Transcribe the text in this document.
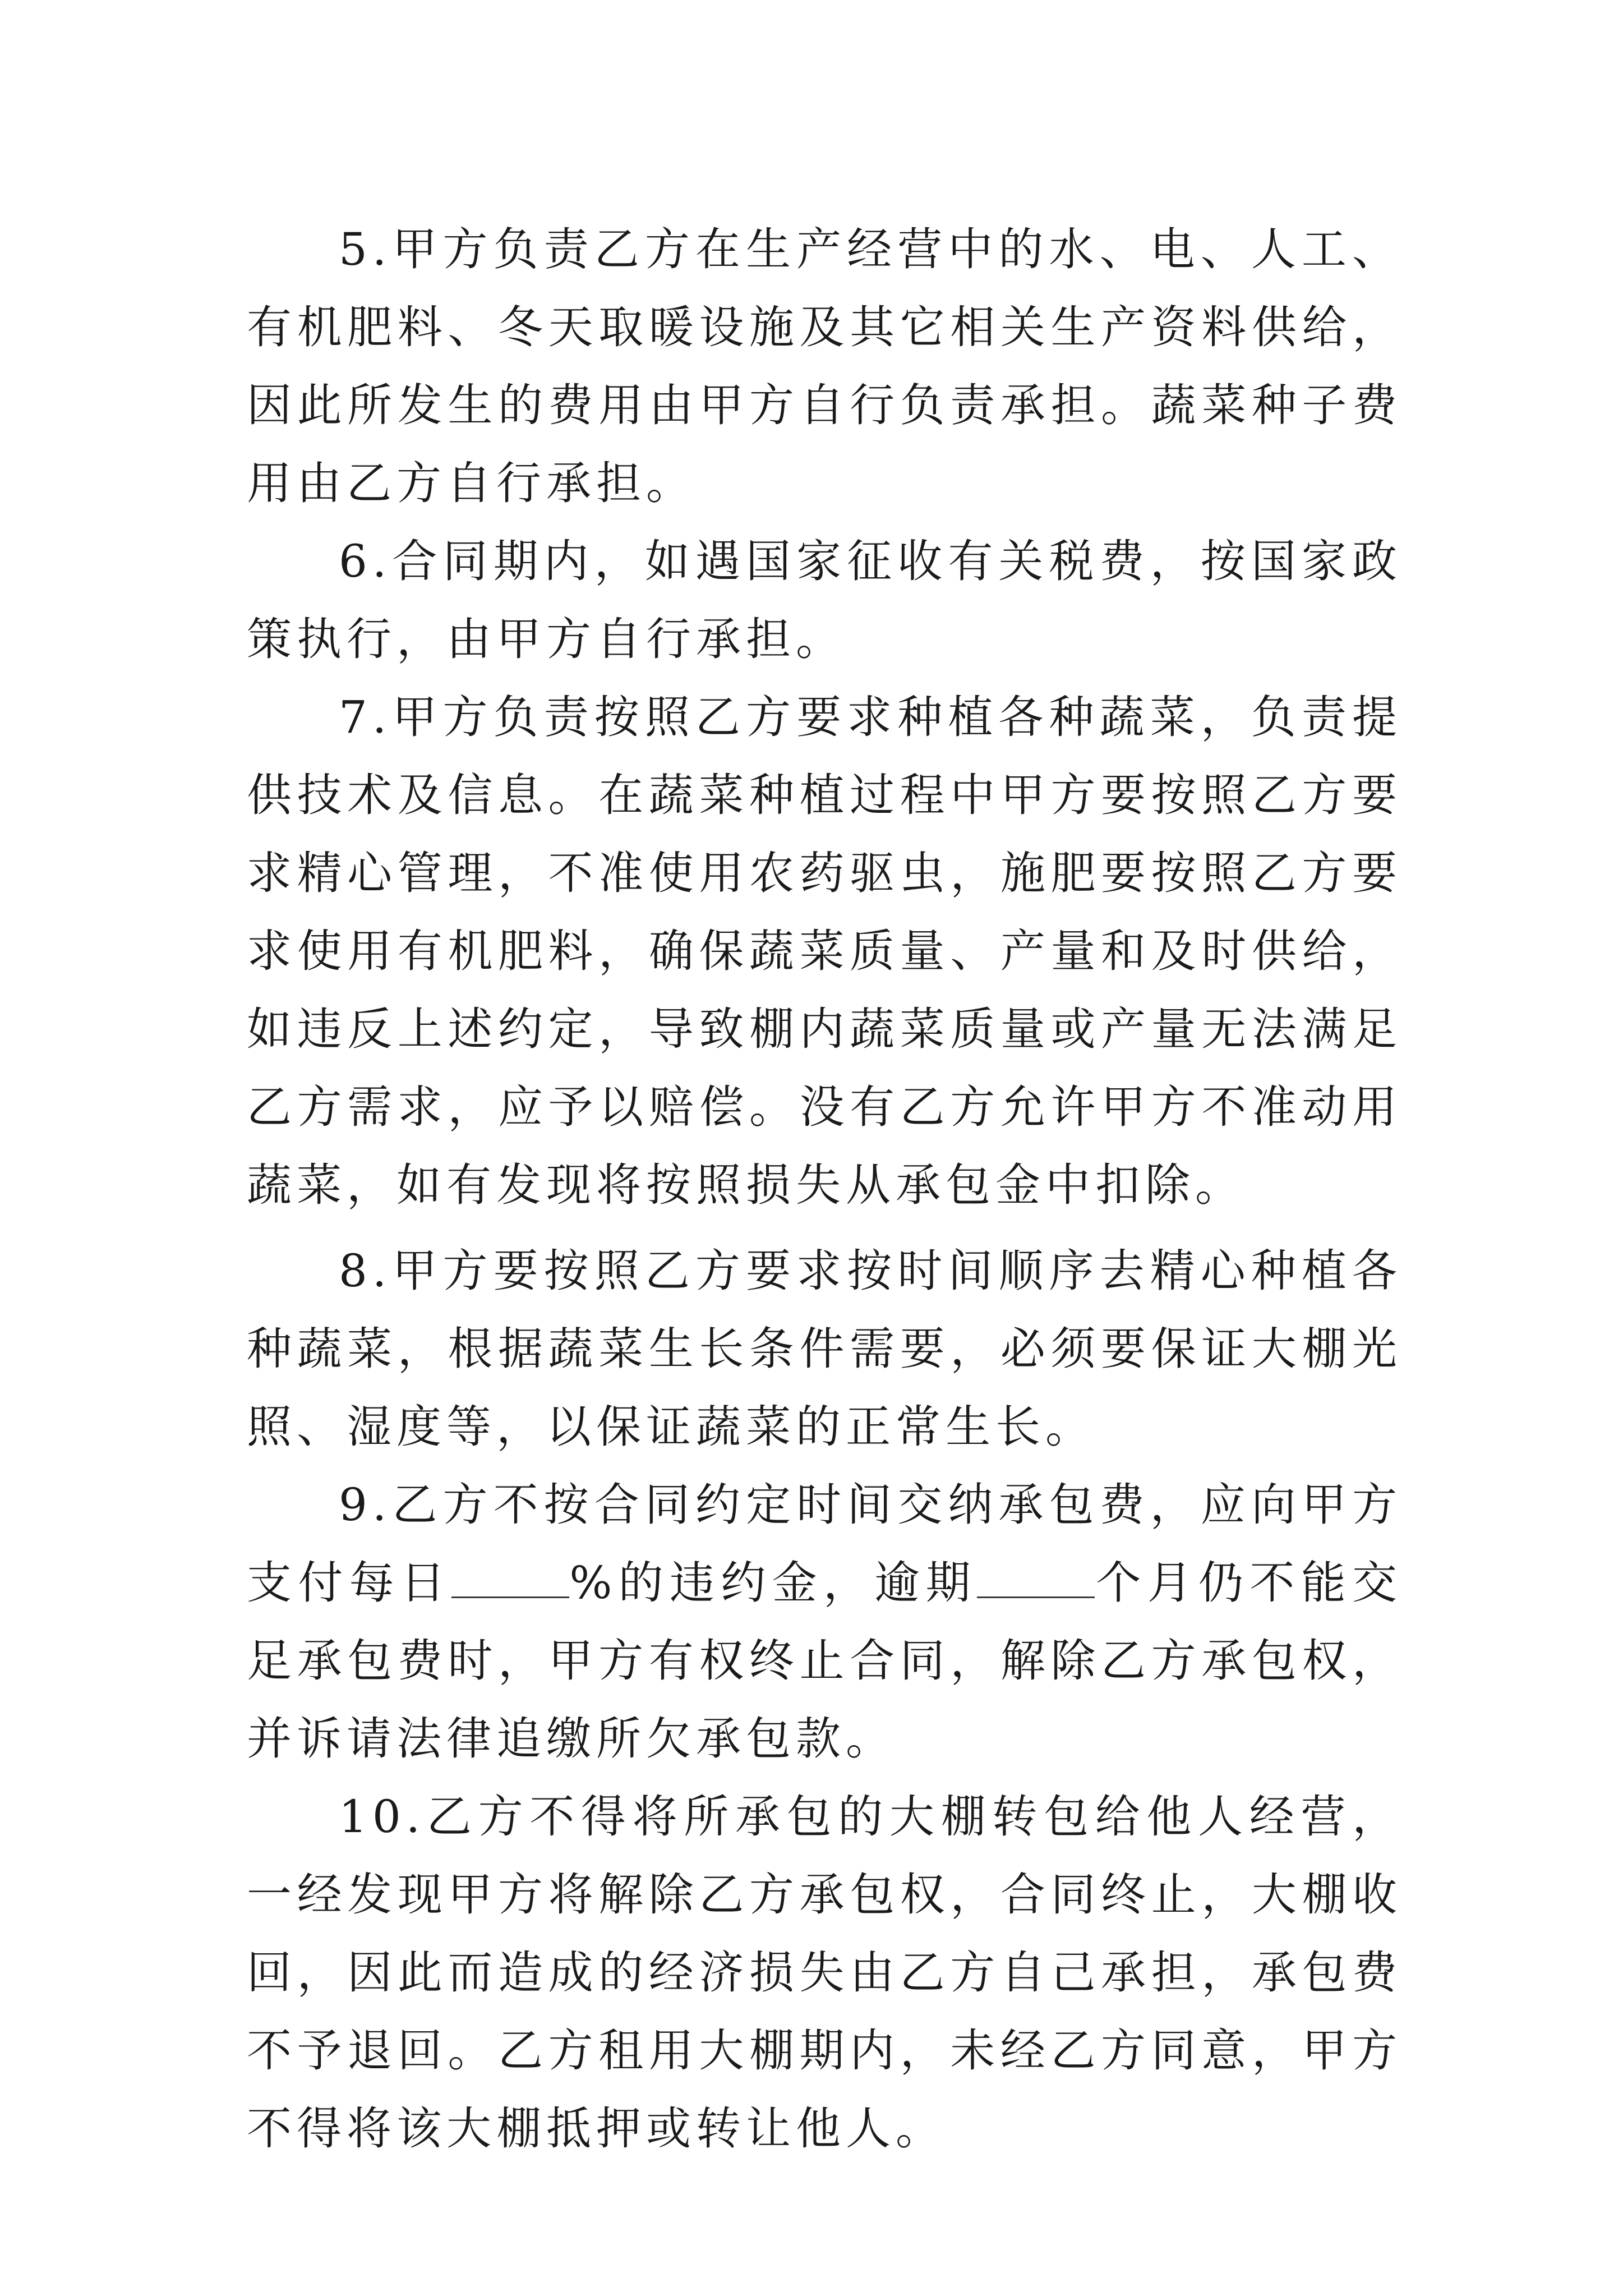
5.甲方负责乙方在生产经营中的水、电、人工、有机肥料、冬天取暖设施及其它相关生产资料供给，因此所发生的费用由甲方自行负责承担。蔬菜种子费用由乙方自行承担。

6.合同期内，如遇国家征收有关税费，按国家政策执行，由甲方自行承担。

7.甲方负责按照乙方要求种植各种蔬菜，负责提供技术及信息。在蔬菜种植过程中甲方要按照乙方要求精心管理，不准使用农药驱虫，施肥要按照乙方要求使用有机肥料，确保蔬菜质量、产量和及时供给，如违反上述约定，导致棚内蔬菜质量或产量无法满足乙方需求，应予以赔偿。没有乙方允许甲方不准动用蔬菜，如有发现将按照损失从承包金中扣除。

8.甲方要按照乙方要求按时间顺序去精心种植各种蔬菜，根据蔬菜生长条件需要，必须要保证大棚光照、湿度等，以保证蔬菜的正常生长。

9.乙方不按合同约定时间交纳承包费，应向甲方支付每日	%的违约金，逾期	个月仍不能交足承包费时，甲方有权终止合同，解除乙方承包权，并诉请法律追缴所欠承包款。

10.乙方不得将所承包的大棚转包给他人经营，一经发现甲方将解除乙方承包权，合同终止，大棚收回，因此而造成的经济损失由乙方自己承担，承包费不予退回。乙方租用大棚期内，未经乙方同意，甲方不得将该大棚抵押或转让他人。
